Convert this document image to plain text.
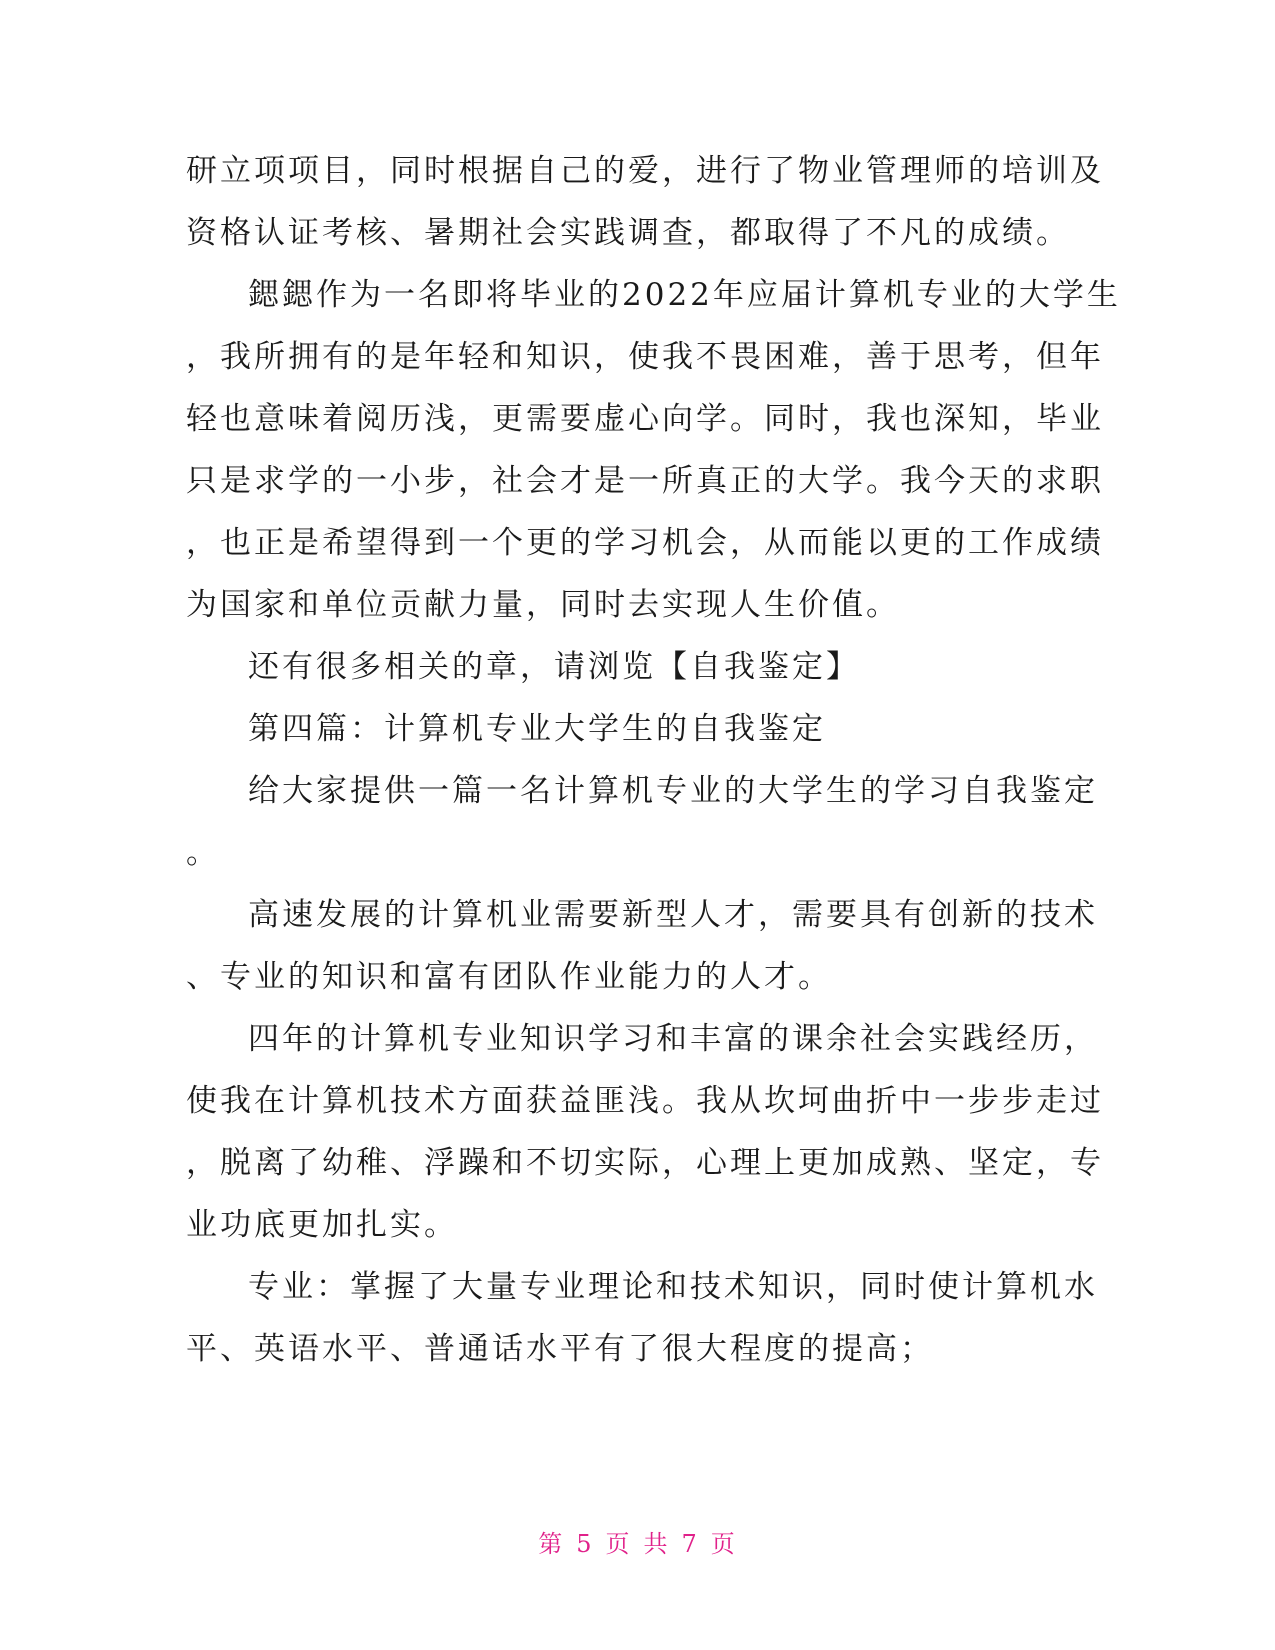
研立项项目，同时根据自己的爱，进行了物业管理师的培训及
资格认证考核、暑期社会实践调查，都取得了不凡的成绩。
鍶鍶作为一名即将毕业的2022年应届计算机专业的大学生
，我所拥有的是年轻和知识，使我不畏困难，善于思考，但年
轻也意味着阅历浅，更需要虚心向学。同时，我也深知，毕业
只是求学的一小步，社会才是一所真正的大学。我今天的求职
，也正是希望得到一个更的学习机会，从而能以更的工作成绩
为国家和单位贡献力量，同时去实现人生价值。
还有很多相关的章，请浏览【自我鉴定】
第四篇：计算机专业大学生的自我鉴定
给大家提供一篇一名计算机专业的大学生的学习自我鉴定
。
高速发展的计算机业需要新型人才，需要具有创新的技术
、专业的知识和富有团队作业能力的人才。
四年的计算机专业知识学习和丰富的课余社会实践经历，
使我在计算机技术方面获益匪浅。我从坎坷曲折中一步步走过
，脱离了幼稚、浮躁和不切实际，心理上更加成熟、坚定，专
业功底更加扎实。
专业：掌握了大量专业理论和技术知识，同时使计算机水
平、英语水平、普通话水平有了很大程度的提高；
第 5 页 共 7 页
